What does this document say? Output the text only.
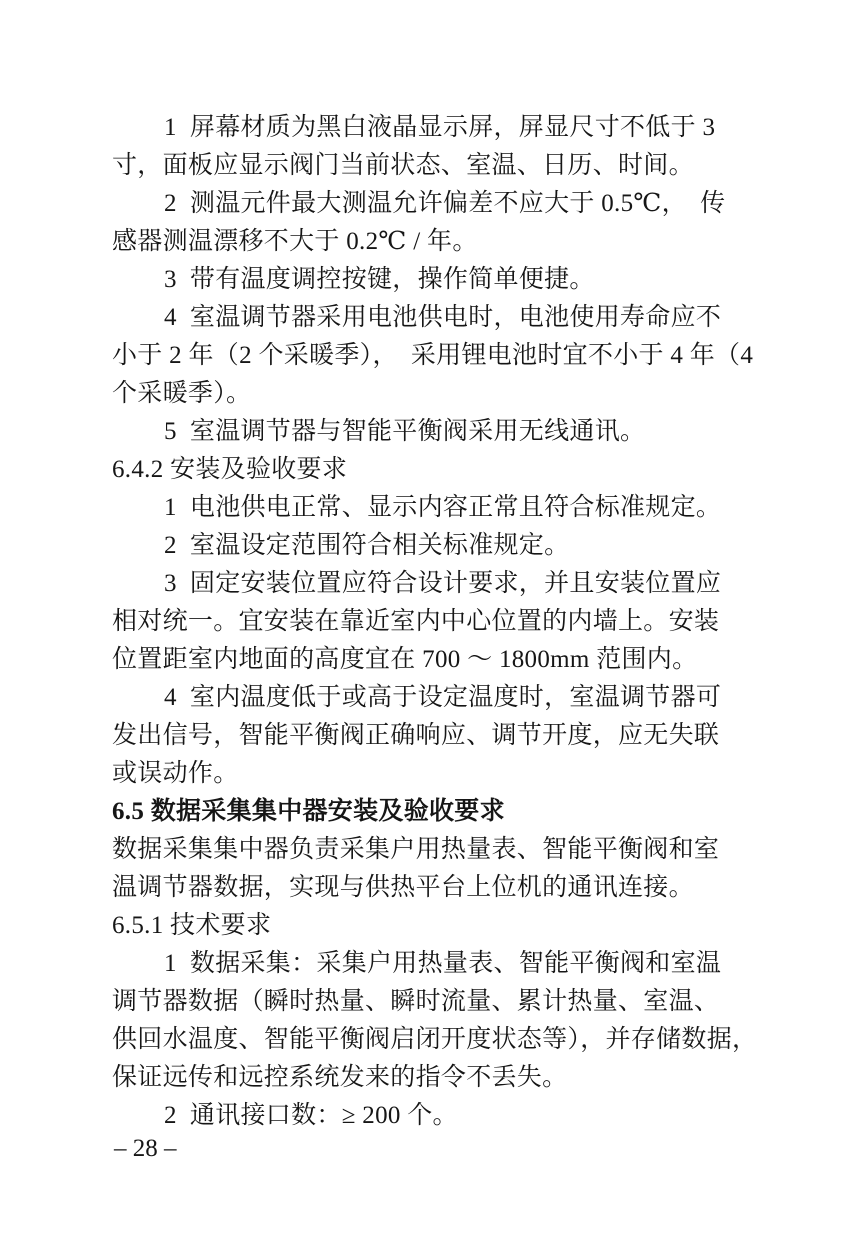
1  屏幕材质为黑白液晶显示屏，屏显尺寸不低于 3
寸，面板应显示阀门当前状态、室温、日历、时间。
2  测温元件最大测温允许偏差不应大于 0.5℃，  传
感器测温漂移不大于 0.2℃ / 年。
3  带有温度调控按键，操作简单便捷。
4  室温调节器采用电池供电时，电池使用寿命应不
小于 2 年（2 个采暖季），  采用锂电池时宜不小于 4 年（4
个采暖季）。
5  室温调节器与智能平衡阀采用无线通讯。
6.4.2 安装及验收要求
1  电池供电正常、显示内容正常且符合标准规定。
2  室温设定范围符合相关标准规定。
3  固定安装位置应符合设计要求，并且安装位置应
相对统一。宜安装在靠近室内中心位置的内墙上。安装
位置距室内地面的高度宜在 700 ～ 1800mm 范围内。
4  室内温度低于或高于设定温度时，室温调节器可
发出信号，智能平衡阀正确响应、调节开度，应无失联
或误动作。
6.5 数据采集集中器安装及验收要求
数据采集集中器负责采集户用热量表、智能平衡阀和室
温调节器数据，实现与供热平台上位机的通讯连接。
6.5.1 技术要求
1  数据采集：采集户用热量表、智能平衡阀和室温
调节器数据（瞬时热量、瞬时流量、累计热量、室温、
供回水温度、智能平衡阀启闭开度状态等），并存储数据，
保证远传和远控系统发来的指令不丢失。
2  通讯接口数：≥ 200 个。
– 28 –
